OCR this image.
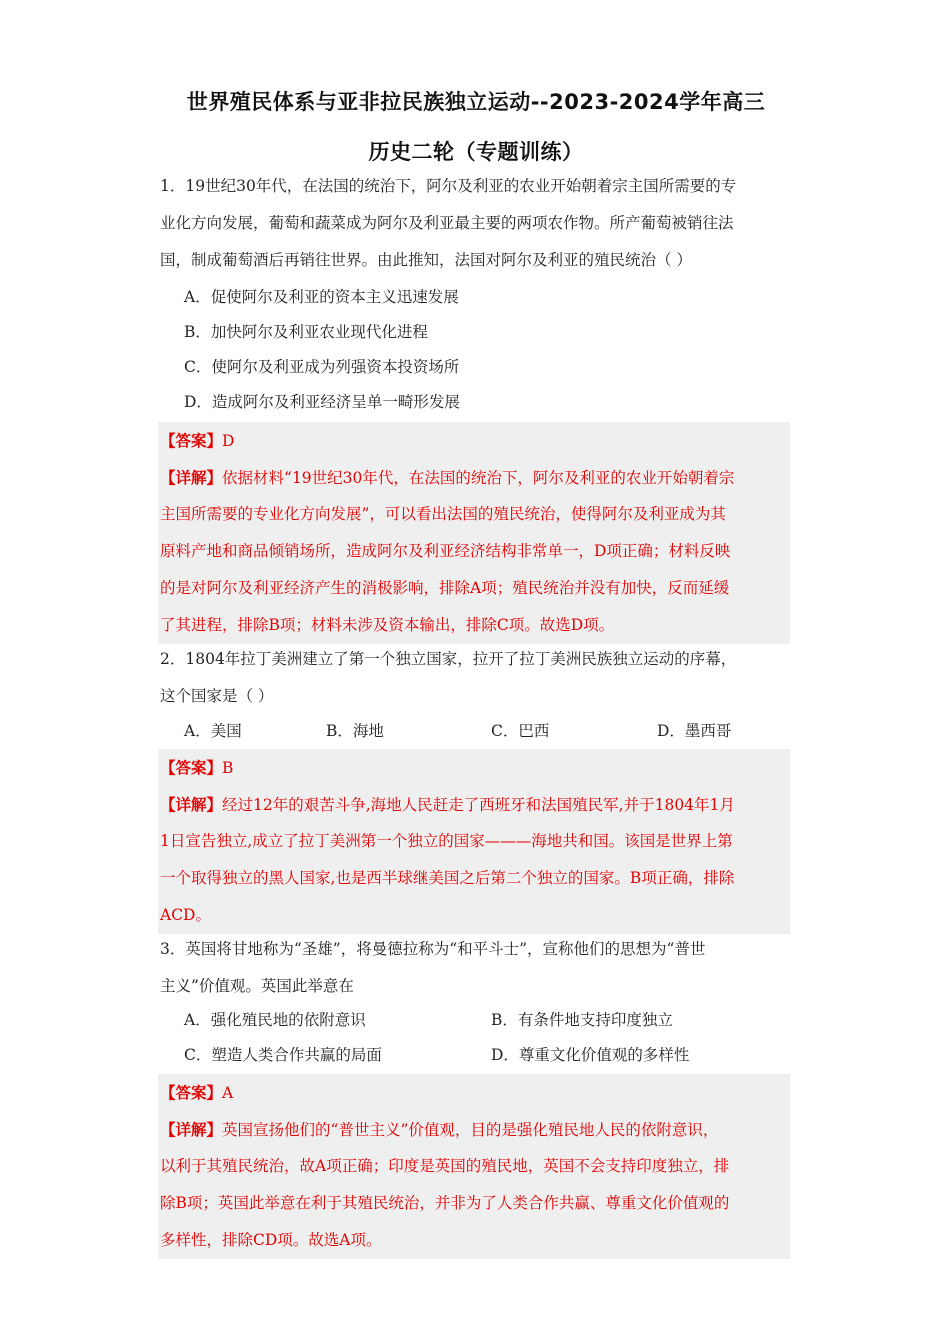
世界殖民体系与亚非拉民族独立运动--2023-2024学年高三
历史二轮（专题训练）
1．19世纪30年代，在法国的统治下，阿尔及利亚的农业开始朝着宗主国所需要的专
业化方向发展，葡萄和蔬菜成为阿尔及利亚最主要的两项农作物。所产葡萄被销往法
国，制成葡萄酒后再销往世界。由此推知，法国对阿尔及利亚的殖民统治（ ）
A．促使阿尔及利亚的资本主义迅速发展
B．加快阿尔及利亚农业现代化进程
C．使阿尔及利亚成为列强资本投资场所
D．造成阿尔及利亚经济呈单一畸形发展
【答案】D
【详解】依据材料“19世纪30年代，在法国的统治下，阿尔及利亚的农业开始朝着宗
主国所需要的专业化方向发展”，可以看出法国的殖民统治，使得阿尔及利亚成为其
原料产地和商品倾销场所，造成阿尔及利亚经济结构非常单一，D项正确；材料反映
的是对阿尔及利亚经济产生的消极影响，排除A项；殖民统治并没有加快，反而延缓
了其进程，排除B项；材料未涉及资本输出，排除C项。故选D项。
2．1804年拉丁美洲建立了第一个独立国家，拉开了拉丁美洲民族独立运动的序幕，
这个国家是（ ）
A．美国	B．海地	C．巴西	D．墨西哥
【答案】B
【详解】经过12年的艰苦斗争,海地人民赶走了西班牙和法国殖民军,并于1804年1月
1日宣告独立,成立了拉丁美洲第一个独立的国家———海地共和国。该国是世界上第
一个取得独立的黑人国家,也是西半球继美国之后第二个独立的国家。B项正确，排除
ACD。
3．英国将甘地称为“圣雄”，将曼德拉称为“和平斗士”，宣称他们的思想为“普世
主义”价值观。英国此举意在
A．强化殖民地的依附意识	B．有条件地支持印度独立
C．塑造人类合作共赢的局面	D．尊重文化价值观的多样性
【答案】A
【详解】英国宣扬他们的“普世主义”价值观，目的是强化殖民地人民的依附意识，
以利于其殖民统治，故A项正确；印度是英国的殖民地，英国不会支持印度独立，排
除B项；英国此举意在利于其殖民统治，并非为了人类合作共赢、尊重文化价值观的
多样性，排除CD项。故选A项。
